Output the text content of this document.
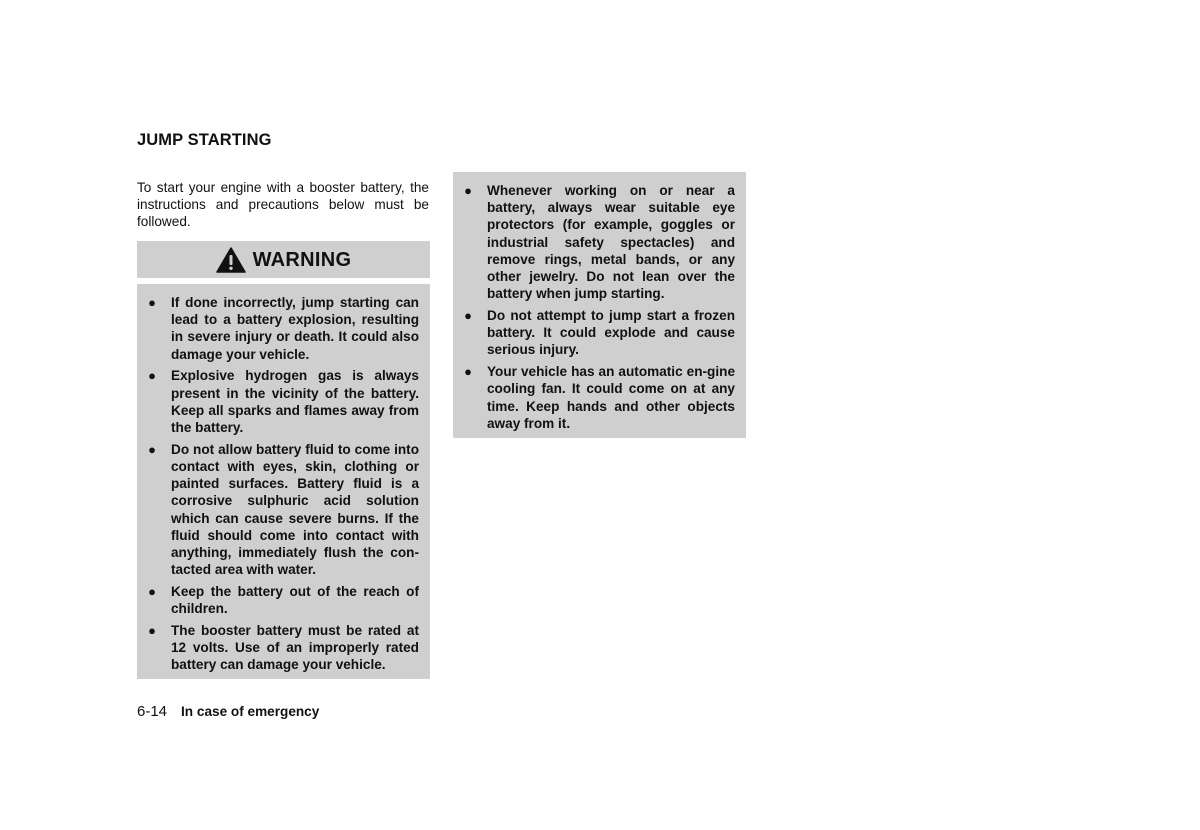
JUMP STARTING

To start your engine with a booster battery, the instructions and precautions below must be followed.

WARNING
● If done incorrectly, jump starting can lead to a battery explosion, resulting in severe injury or death. It could also damage your vehicle.
● Explosive hydrogen gas is always present in the vicinity of the battery. Keep all sparks and flames away from the battery.
● Do not allow battery fluid to come into contact with eyes, skin, clothing or painted surfaces. Battery fluid is a corrosive sulphuric acid solution which can cause severe burns. If the fluid should come into contact with anything, immediately flush the con-tacted area with water.
● Keep the battery out of the reach of children.
● The booster battery must be rated at 12 volts. Use of an improperly rated battery can damage your vehicle.
● Whenever working on or near a battery, always wear suitable eye protectors (for example, goggles or industrial safety spectacles) and remove rings, metal bands, or any other jewelry. Do not lean over the battery when jump starting.
● Do not attempt to jump start a frozen battery. It could explode and cause serious injury.
● Your vehicle has an automatic en-gine cooling fan. It could come on at any time. Keep hands and other objects away from it.
6-14 In case of emergency
